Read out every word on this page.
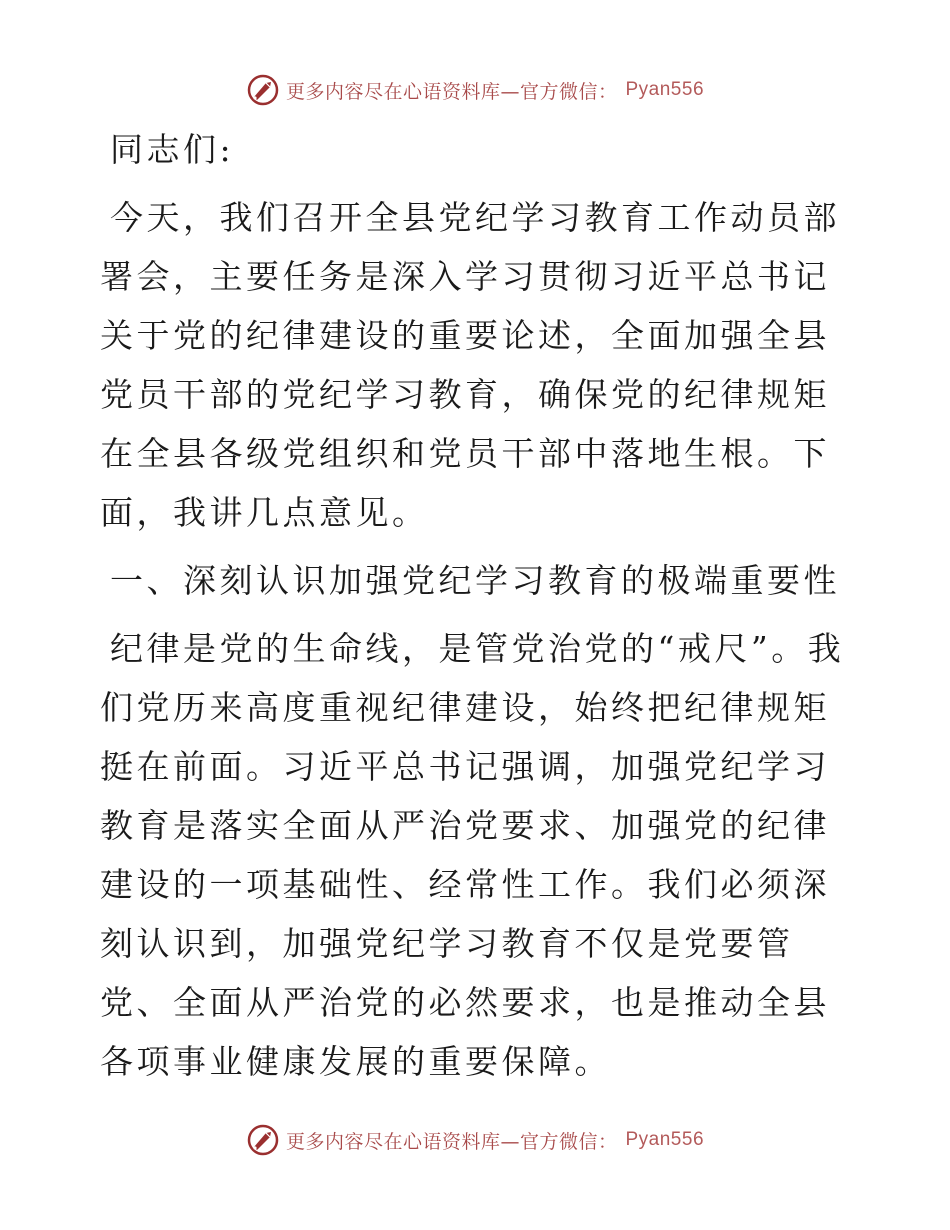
更多内容尽在心语资料库—官方微信： Pyan556

同志们:

今天，我们召开全县党纪学习教育工作动员部署会，主要任务是深入学习贯彻习近平总书记关于党的纪律建设的重要论述，全面加强全县党员干部的党纪学习教育，确保党的纪律规矩在全县各级党组织和党员干部中落地生根。下面，我讲几点意见。

一、深刻认识加强党纪学习教育的极端重要性

纪律是党的生命线，是管党治党的“戒尺”。我们党历来高度重视纪律建设，始终把纪律规矩挺在前面。习近平总书记强调，加强党纪学习教育是落实全面从严治党要求、加强党的纪律建设的一项基础性、经常性工作。我们必须深刻认识到，加强党纪学习教育不仅是党要管党、全面从严治党的必然要求，也是推动全县各项事业健康发展的重要保障。

更多内容尽在心语资料库—官方微信： Pyan556
